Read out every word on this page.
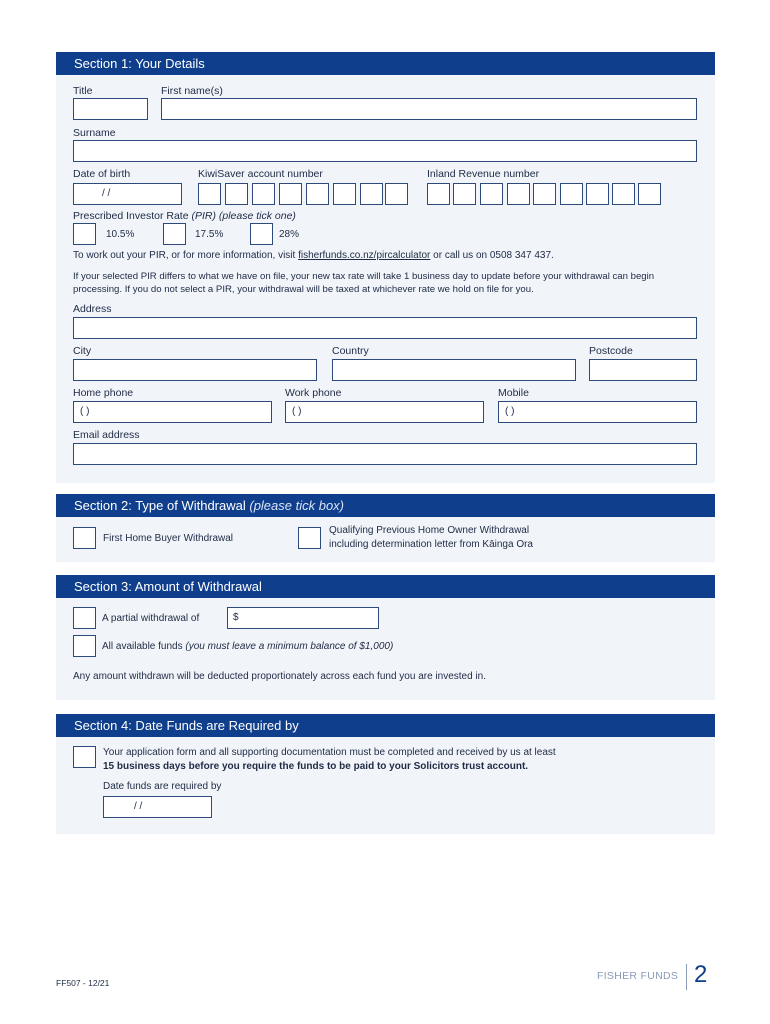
Section 1: Your Details
Title	First name(s)
Surname
Date of birth	KiwiSaver account number	Inland Revenue number
/ /
Prescribed Investor Rate (PIR) (please tick one)
10.5%	17.5%	28%
To work out your PIR, or for more information, visit fisherfunds.co.nz/pircalculator or call us on 0508 347 437.
If your selected PIR differs to what we have on file, your new tax rate will take 1 business day to update before your withdrawal can begin processing. If you do not select a PIR, your withdrawal will be taxed at whichever rate we hold on file for you.
Address
City	Country	Postcode
Home phone	Work phone	Mobile
( )	( )	( )
Email address
Section 2: Type of Withdrawal (please tick box)
First Home Buyer Withdrawal
Qualifying Previous Home Owner Withdrawal
including determination letter from Kāinga Ora
Section 3: Amount of Withdrawal
A partial withdrawal of	$
All available funds (you must leave a minimum balance of $1,000)
Any amount withdrawn will be deducted proportionately across each fund you are invested in.
Section 4: Date Funds are Required by
Your application form and all supporting documentation must be completed and received by us at least
15 business days before you require the funds to be paid to your Solicitors trust account.
Date funds are required by
/ /
FF507 - 12/21
FISHER FUNDS 2
